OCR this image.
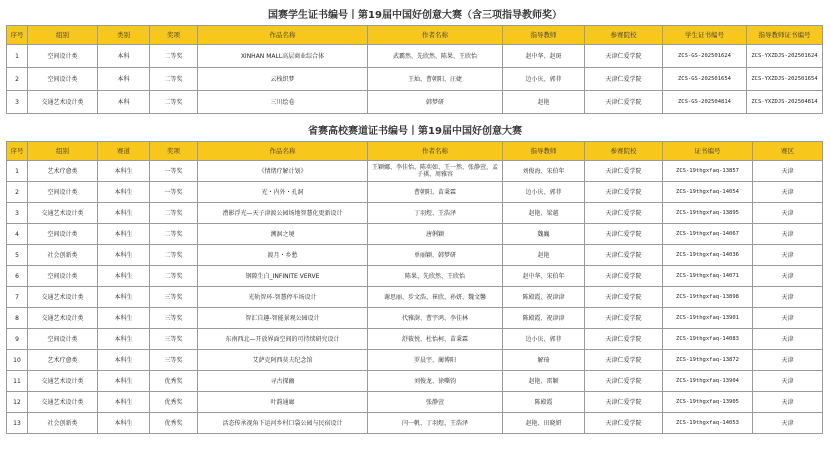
国赛学生证书编号丨第19届中国好创意大赛（含三项指导教师奖）
序号	组别	类别	奖项	作品名称	作者名称	指导教师	参赛院校	学生证书编号	指导教师证书编号
1	空间设计类	本科	二等奖	XINHAN MALL高层商业综合体	武霸然、先欣然、陈果、王欣怡	赵中华、赵斑	天津仁爱学院	ZCS-GS-202501624	ZCS-YXZDJS-202501624
2	空间设计类	本科	二等奖	云栈织梦	王灿、曹朝阳、汪婕	边小庆、郭菲	天津仁爱学院	ZCS-GS-202501654	ZCS-YXZDJS-202501654
3	交通艺术设计类	本科	二等奖	三川绘卷	韩梦研	赵艳	天津仁爱学院	ZCS-GS-202504814	ZCS-YXZDJS-202504814
省赛高校赛道证书编号丨第19届中国好创意大赛
序号	组别	赛道	奖项	作品名称	作者名称	指导教师	参赛院校	证书编号	赛区
1	艺术疗愈类	本科生	一等奖	《情绪疗解计划》	王颖娜、李佳怡、陈奕如、王一然、张静萱、孟子祺、周雅容	刘俊海、宋伯年	天津仁爱学院	ZCS-19thgxfaq-13857	天津
2	空间设计类	本科生	一等奖	光・内外・孔洞	曹朝阳、苗秉霖	边小庆、郭菲	天津仁爱学院	ZCS-19thgxfaq-14054	天津
3	交通艺术设计类	本科生	二等奖	漕影浮光—天子津渡公园场地智慧化更新设计	丁羽煜、王浩泽	赵艳、梁越	天津仁爱学院	ZCS-19thgxfaq-13895	天津
4	空间设计类	本科生	二等奖	溯洄之境	唐俐颖	魏巍	天津仁爱学院	ZCS-19thgxfaq-14067	天津
5	社会创新类	本科生	二等奖	渡月・乡愁	单丽颖、韩梦研	赵艳	天津仁爱学院	ZCS-19thgxfaq-14036	天津
6	空间设计类	本科生	二等奖	钢隙生白_INFINITE VERVE	陈果、先欣然、王欣怡	赵中华、宋伯年	天津仁爱学院	ZCS-19thgxfaq-14071	天津
7	交通艺术设计类	本科生	三等奖	光轨智环-智慧停车场设计	谢思丽、步文浩、崔欣、孙妍、魏文馨	陈殿霞、祝津津	天津仁爱学院	ZCS-19thgxfaq-13898	天津
8	交通艺术设计类	本科生	三等奖	智汇自趣-智能景观公园设计	代雅澍、曹宇鸿、李佳林	陈殿霞、祝津津	天津仁爱学院	ZCS-19thgxfaq-13901	天津
9	空间设计类	本科生	三等奖	东南西北—开放界面空间的可持续研究设计	舒筱悦、杜怡柯、苗秉霖	边小庆、郭菲	天津仁爱学院	ZCS-19thgxfaq-14083	天津
10	艺术疗愈类	本科生	三等奖	艾萨克阿西莫夫纪念馆	罗晨宇、蔺博阳	解琦	天津仁爱学院	ZCS-19thgxfaq-13872	天津
11	交通艺术设计类	本科生	优秀奖	寻古探幽	刘俊龙、徐嘶钧	赵艳、雷颖	天津仁爱学院	ZCS-19thgxfaq-13904	天津
12	交通艺术设计类	本科生	优秀奖	叶韵通廊	张静萱	陈殿霞	天津仁爱学院	ZCS-19thgxfaq-13905	天津
13	社会创新类	本科生	优秀奖	活态传承视角下运河乡村口袋公园与民宿设计	闫一帆、丁羽煜、王浩泽	赵艳、田晓妍	天津仁爱学院	ZCS-19thgxfaq-14053	天津
